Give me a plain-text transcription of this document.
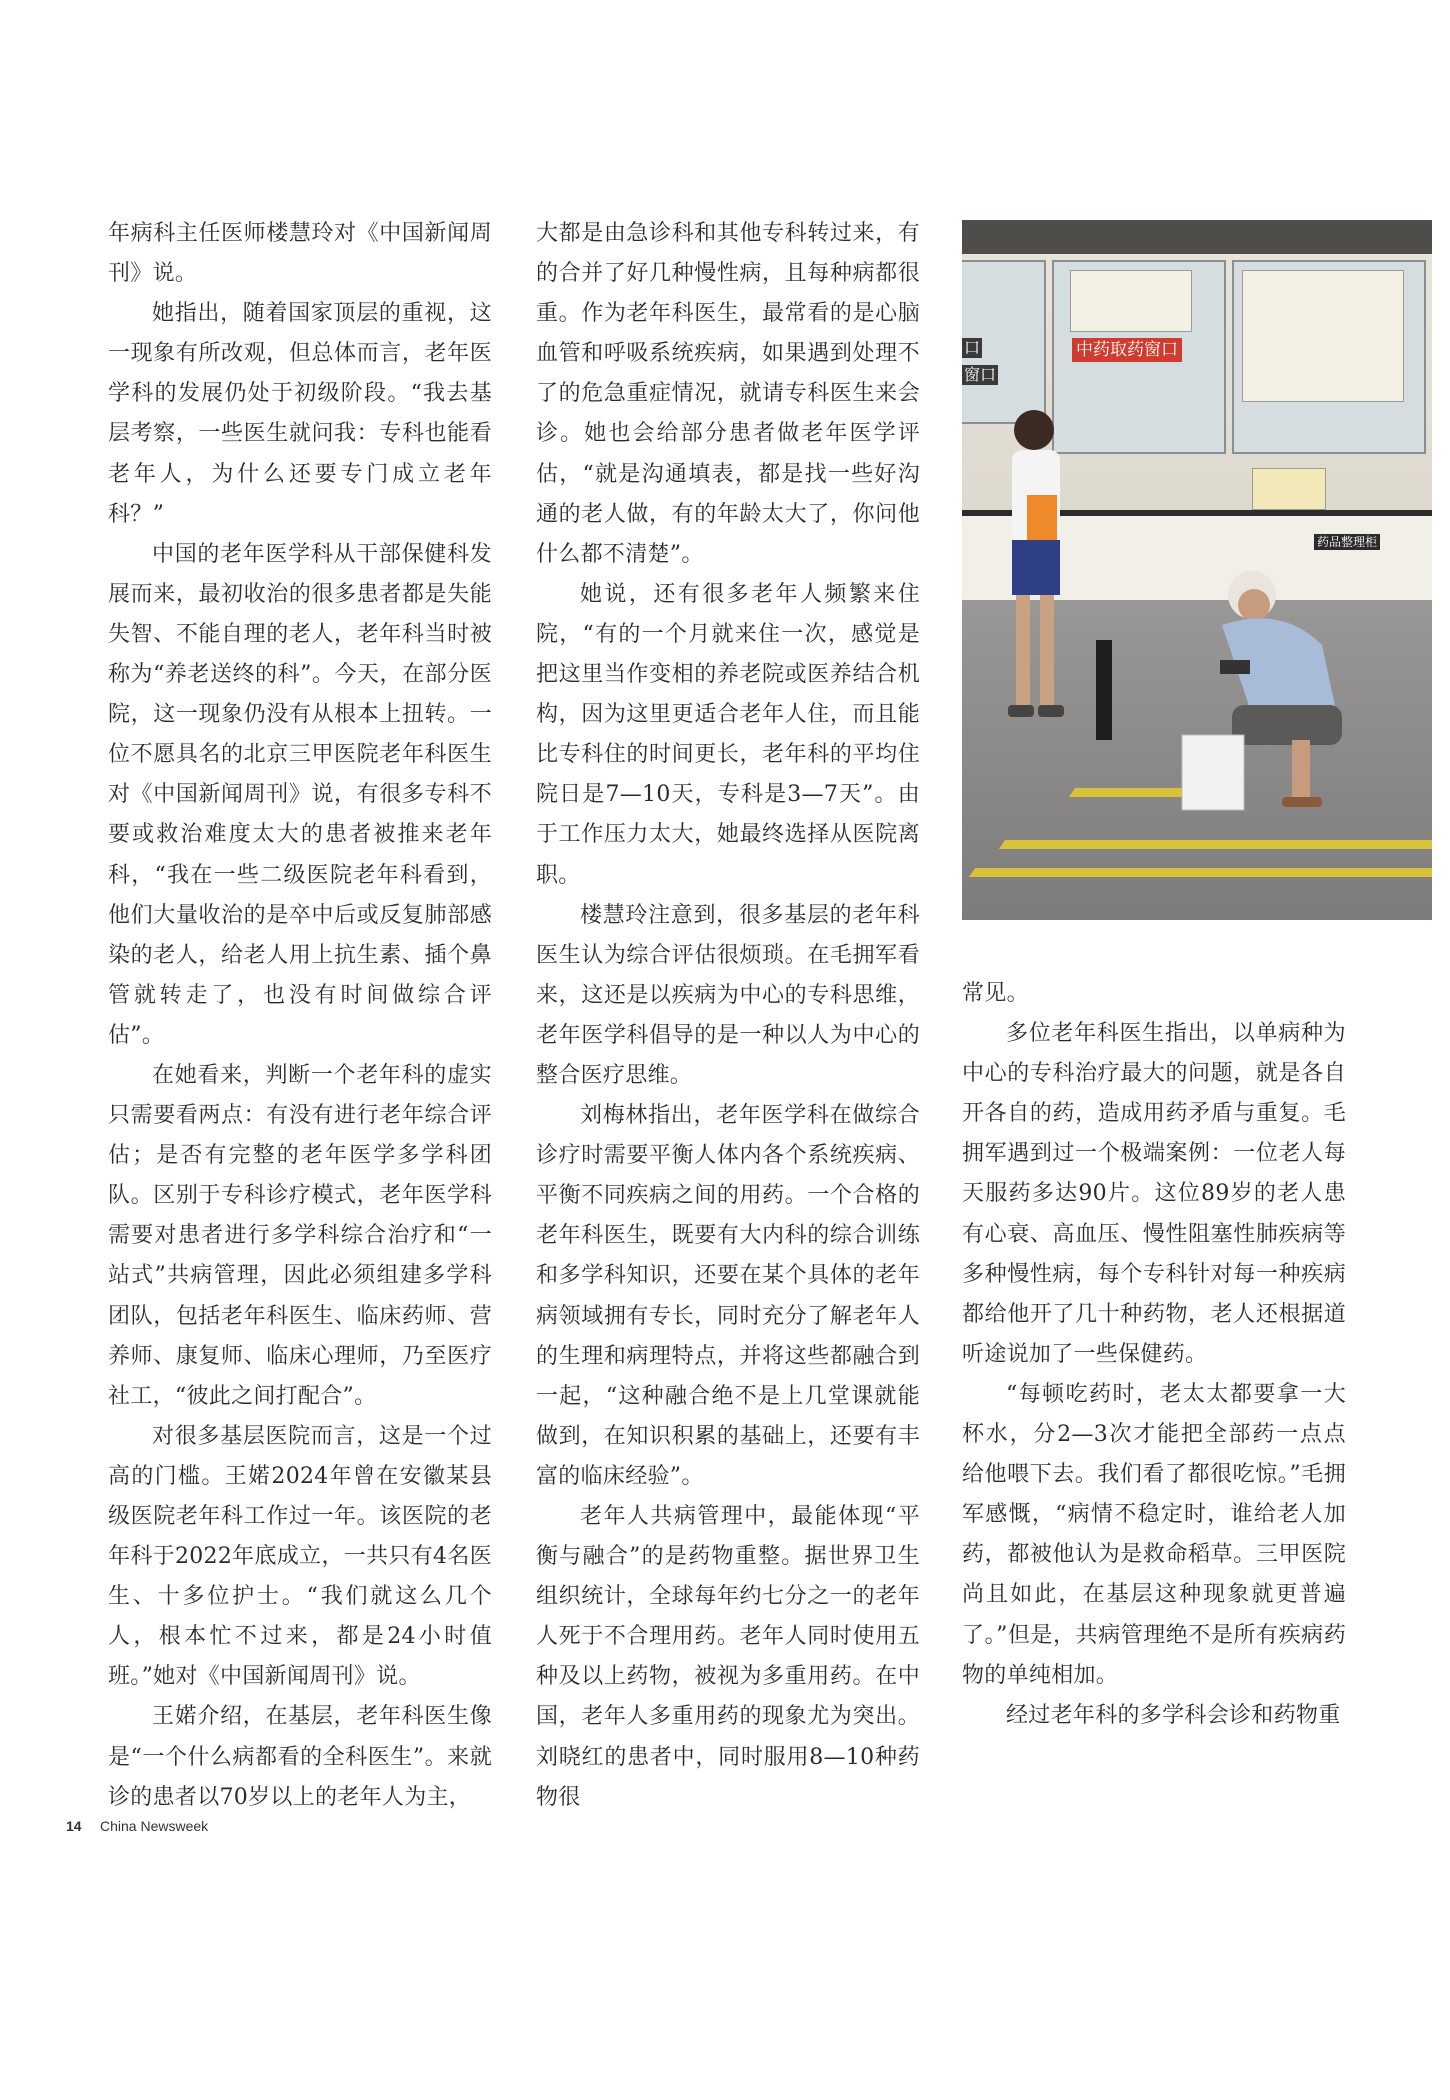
年病科主任医师楼慧玲对《中国新闻周刊》说。

她指出，随着国家顶层的重视，这一现象有所改观，但总体而言，老年医学科的发展仍处于初级阶段。“我去基层考察，一些医生就问我：专科也能看老年人，为什么还要专门成立老年科？”

中国的老年医学科从干部保健科发展而来，最初收治的很多患者都是失能失智、不能自理的老人，老年科当时被称为“养老送终的科”。今天，在部分医院，这一现象仍没有从根本上扭转。一位不愿具名的北京三甲医院老年科医生对《中国新闻周刊》说，有很多专科不要或救治难度太大的患者被推来老年科，“我在一些二级医院老年科看到，他们大量收治的是卒中后或反复肺部感染的老人，给老人用上抗生素、插个鼻管就转走了，也没有时间做综合评估”。

在她看来，判断一个老年科的虚实只需要看两点：有没有进行老年综合评估；是否有完整的老年医学多学科团队。区别于专科诊疗模式，老年医学科需要对患者进行多学科综合治疗和“一站式”共病管理，因此必须组建多学科团队，包括老年科医生、临床药师、营养师、康复师、临床心理师，乃至医疗社工，“彼此之间打配合”。

对很多基层医院而言，这是一个过高的门槛。王婼2024年曾在安徽某县级医院老年科工作过一年。该医院的老年科于2022年底成立，一共只有4名医生、十多位护士。“我们就这么几个人，根本忙不过来，都是24小时值班。”她对《中国新闻周刊》说。

王婼介绍，在基层，老年科医生像是“一个什么病都看的全科医生”。来就诊的患者以70岁以上的老年人为主，

大都是由急诊科和其他专科转过来，有的合并了好几种慢性病，且每种病都很重。作为老年科医生，最常看的是心脑血管和呼吸系统疾病，如果遇到处理不了的危急重症情况，就请专科医生来会诊。她也会给部分患者做老年医学评估，“就是沟通填表，都是找一些好沟通的老人做，有的年龄太大了，你问他什么都不清楚”。

她说，还有很多老年人频繁来住院，“有的一个月就来住一次，感觉是把这里当作变相的养老院或医养结合机构，因为这里更适合老年人住，而且能比专科住的时间更长，老年科的平均住院日是7—10天，专科是3—7天”。由于工作压力太大，她最终选择从医院离职。

楼慧玲注意到，很多基层的老年科医生认为综合评估很烦琐。在毛拥军看来，这还是以疾病为中心的专科思维，老年医学科倡导的是一种以人为中心的整合医疗思维。

刘梅林指出，老年医学科在做综合诊疗时需要平衡人体内各个系统疾病、平衡不同疾病之间的用药。一个合格的老年科医生，既要有大内科的综合训练和多学科知识，还要在某个具体的老年病领域拥有专长，同时充分了解老年人的生理和病理特点，并将这些都融合到一起，“这种融合绝不是上几堂课就能做到，在知识积累的基础上，还要有丰富的临床经验”。

老年人共病管理中，最能体现“平衡与融合”的是药物重整。据世界卫生组织统计，全球每年约七分之一的老年人死于不合理用药。老年人同时使用五种及以上药物，被视为多重用药。在中国，老年人多重用药的现象尤为突出。刘晓红的患者中，同时服用8—10种药物很

中药取药窗口
口
窗口
药品整理柜

常见。

多位老年科医生指出，以单病种为中心的专科治疗最大的问题，就是各自开各自的药，造成用药矛盾与重复。毛拥军遇到过一个极端案例：一位老人每天服药多达90片。这位89岁的老人患有心衰、高血压、慢性阻塞性肺疾病等多种慢性病，每个专科针对每一种疾病都给他开了几十种药物，老人还根据道听途说加了一些保健药。

“每顿吃药时，老太太都要拿一大杯水，分2—3次才能把全部药一点点给他喂下去。我们看了都很吃惊。”毛拥军感慨，“病情不稳定时，谁给老人加药，都被他认为是救命稻草。三甲医院尚且如此，在基层这种现象就更普遍了。”但是，共病管理绝不是所有疾病药物的单纯相加。

经过老年科的多学科会诊和药物重

14 China Newsweek
